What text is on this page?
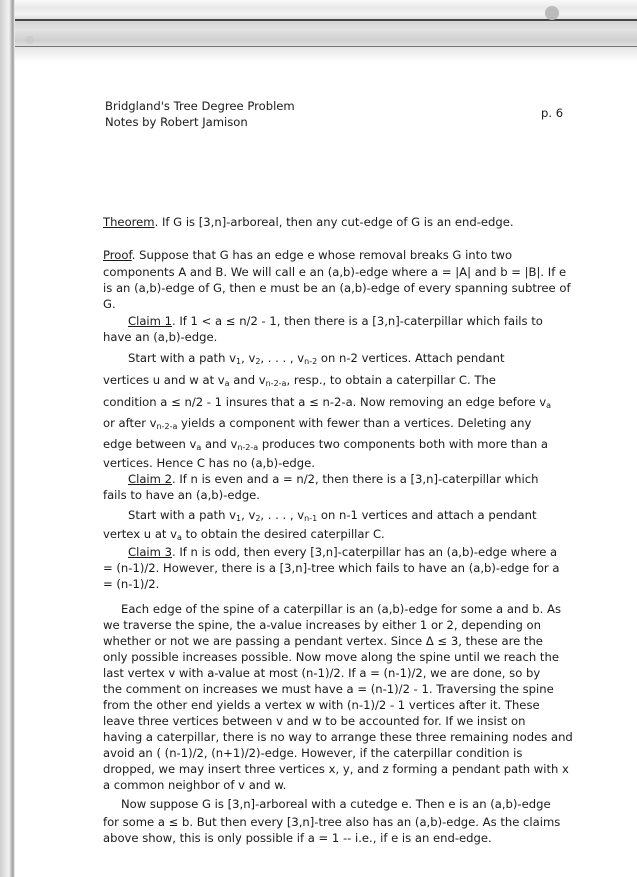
Bridgland's Tree Degree Problem
Notes by Robert Jamison
p. 6
Theorem. If G is [3,n]-arboreal, then any cut-edge of G is an end-edge.
Proof. Suppose that G has an edge e whose removal breaks G into two
components A and B. We will call e an (a,b)-edge where a = |A| and b = |B|. If e
is an (a,b)-edge of G, then e must be an (a,b)-edge of every spanning subtree of
G.
Claim 1. If 1 < a ≤ n/2 - 1, then there is a [3,n]-caterpillar which fails to
have an (a,b)-edge.
Start with a path $v_1$, $v_2$, . . . , $v_{n-2}$ on n-2 vertices. Attach pendant
vertices u and w at $v_a$ and $v_{n-2-a}$, resp., to obtain a caterpillar C. The
condition a ≤ n/2 - 1 insures that a ≤ n-2-a. Now removing an edge before $v_a$
or after $v_{n-2-a}$ yields a component with fewer than a vertices. Deleting any
edge between $v_a$ and $v_{n-2-a}$ produces two components both with more than a
vertices. Hence C has no (a,b)-edge.
Claim 2. If n is even and a = n/2, then there is a [3,n]-caterpillar which
fails to have an (a,b)-edge.
Start with a path $v_1$, $v_2$, . . . , $v_{n-1}$ on n-1 vertices and attach a pendant
vertex u at $v_a$ to obtain the desired caterpillar C.
Claim 3. If n is odd, then every [3,n]-caterpillar has an (a,b)-edge where a
= (n-1)/2. However, there is a [3,n]-tree which fails to have an (a,b)-edge for a
= (n-1)/2.
Each edge of the spine of a caterpillar is an (a,b)-edge for some a and b. As
we traverse the spine, the a-value increases by either 1 or 2, depending on
whether or not we are passing a pendant vertex. Since Δ ≤ 3, these are the
only possible increases possible. Now move along the spine until we reach the
last vertex v with a-value at most (n-1)/2. If a = (n-1)/2, we are done, so by
the comment on increases we must have a = (n-1)/2 - 1. Traversing the spine
from the other end yields a vertex w with (n-1)/2 - 1 vertices after it. These
leave three vertices between v and w to be accounted for. If we insist on
having a caterpillar, there is no way to arrange these three remaining nodes and
avoid an ( (n-1)/2, (n+1)/2)-edge. However, if the caterpillar condition is
dropped, we may insert three vertices x, y, and z forming a pendant path with x
a common neighbor of v and w.
Now suppose G is [3,n]-arboreal with a cutedge e. Then e is an (a,b)-edge
for some a ≤ b. But then every [3,n]-tree also has an (a,b)-edge. As the claims
above show, this is only possible if a = 1 -- i.e., if e is an end-edge.
